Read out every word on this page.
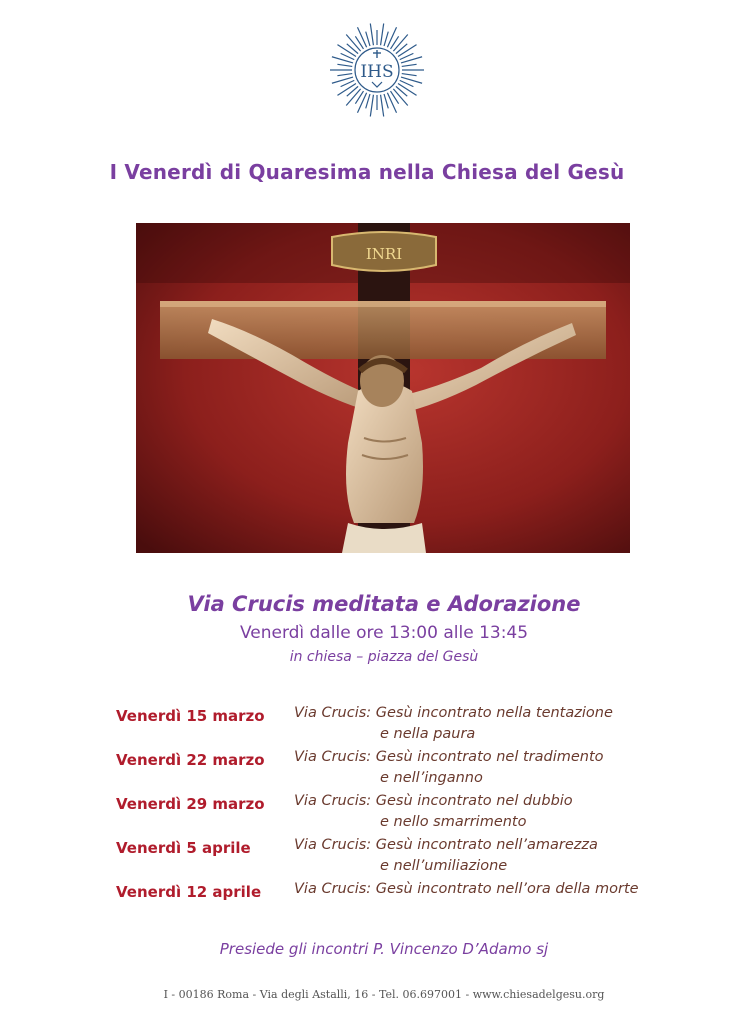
IHS
I Venerdì di Quaresima nella Chiesa del Gesù
INRI
Via Crucis meditata e Adorazione
Venerdì dalle ore 13:00 alle 13:45
in chiesa – piazza del Gesù
Venerdì 15 marzo Via Crucis: Gesù incontrato nella tentazione
e nella paura
Venerdì 22 marzo Via Crucis: Gesù incontrato nel tradimento
e nell’inganno
Venerdì 29 marzo Via Crucis: Gesù incontrato nel dubbio
e nello smarrimento
Venerdì 5 aprile	Via Crucis: Gesù incontrato nell’amarezza
e nell’umiliazione
Venerdì 12 aprile Via Crucis: Gesù incontrato nell’ora della morte
Presiede gli incontri P. Vincenzo D’Adamo sj
I - 00186 Roma - Via degli Astalli, 16 - Tel. 06.697001 - www.chiesadelgesu.org
